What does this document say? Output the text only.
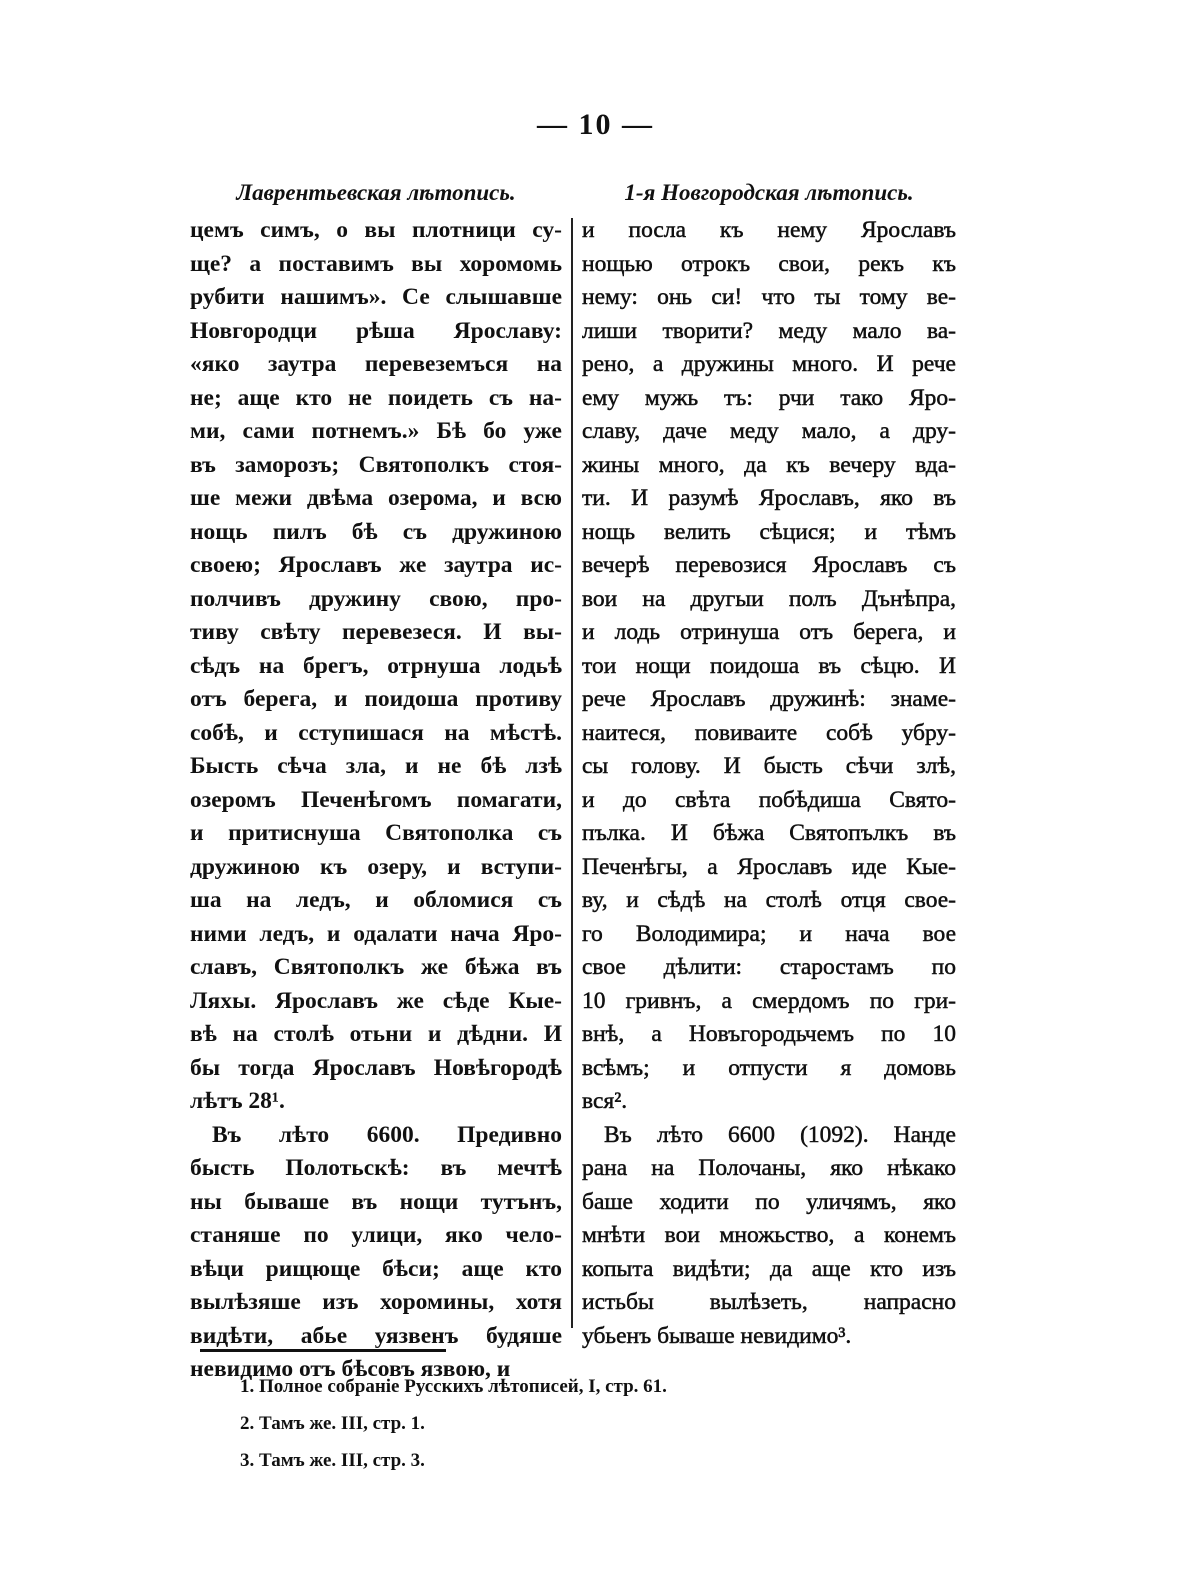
— 10 —
Лаврентьевская лѣтопись.
цемъ симъ, о вы плотници су-
ще? а поставимъ вы хоромомь
рубити нашимъ». Се слышавше
Новгородци рѣша Ярославу:
«яко заутра перевеземъся на
не; аще кто не поидеть съ на-
ми, сами потнемъ.» Бѣ бо уже
въ заморозъ; Святополкъ стоя-
ше межи двѣма озерома, и всю
нощь пилъ бѣ съ дружиною
своею; Ярославъ же заутра ис-
полчивъ дружину свою, про-
тиву свѣту перевезеся. И вы-
сѣдъ на брегъ, отрнуша лодьѣ
отъ берега, и поидоша противу
собѣ, и сступишася на мѣстѣ.
Бысть сѣча зла, и не бѣ лзѣ
озеромъ Печенѣгомъ помагати,
и притиснуша Святополка съ
дружиною къ озеру, и вступи-
ша на ледъ, и обломися съ
ними ледъ, и одалати нача Яро-
славъ, Святополкъ же бѣжа въ
Ляхы. Ярославъ же сѣде Кые-
вѣ на столѣ отьни и дѣдни. И
бы тогда Ярославъ Новѣгородѣ
лѣтъ 28¹.
Въ лѣто 6600. Предивно
бысть Полотьскѣ: въ мечтѣ
ны бываше въ нощи тутънъ,
станяше по улици, яко чело-
вѣци рищюще бѣси; аще кто
вылѣзяше изъ хоромины, хотя
видѣти, абье уязвенъ будяше
невидимо отъ бѣсовъ язвою, и
1-я Новгородская лѣтопись.
и посла къ нему Ярославъ
нощью отрокъ свои, рекъ къ
нему: онь си! что ты тому ве-
лиши творити? меду мало ва-
рено, а дружины много. И рече
ему мужь тъ: рчи тако Яро-
славу, даче меду мало, а дру-
жины много, да къ вечеру вда-
ти. И разумѣ Ярославъ, яко въ
нощь велить сѣцися; и тѣмъ
вечерѣ перевозися Ярославъ съ
вои на другыи полъ Дънѣпра,
и лодь отринуша отъ берега, и
тои нощи поидоша въ сѣцю. И
рече Ярославъ дружинѣ: знаме-
наитеся, повиваите собѣ убру-
сы голову. И бысть сѣчи злѣ,
и до свѣта побѣдиша Свято-
пълка. И бѣжа Святопълкъ въ
Печенѣгы, а Ярославъ иде Кые-
ву, и сѣдѣ на столѣ отця свое-
го Володимира; и нача вое
свое дѣлити: старостамъ по
10 гривнъ, а смердомъ по гри-
внѣ, а Новъгородьчемъ по 10
всѣмъ; и отпусти я домовь
вся².
Въ лѣто 6600 (1092). Нанде
рана на Полочаны, яко нѣкако
баше ходити по уличямъ, яко
мнѣти вои множьство, а конемъ
копыта видѣти; да аще кто изъ
истьбы вылѣзеть, напрасно
убьенъ бываше невидимо³.
1. Полное собраніе Русскихъ лѣтописей, I, стр. 61.
2. Тамъ же. III, стр. 1.
3. Тамъ же. III, стр. 3.
